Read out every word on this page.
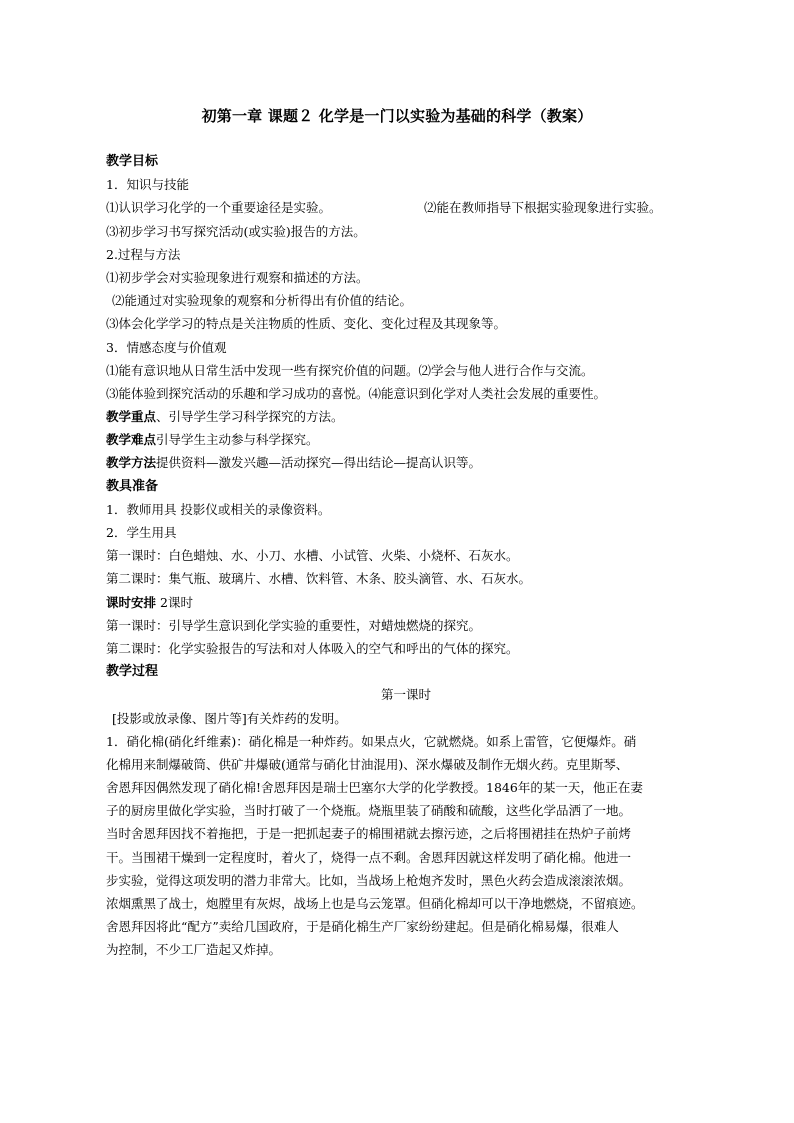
初第一章 课题２ 化学是一门以实验为基础的科学（教案）
教学目标
1．知识与技能
⑴认识学习化学的一个重要途径是实验。	⑵能在教师指导下根据实验现象进行实验。
⑶初步学习书写探究活动(或实验)报告的方法。
2.过程与方法
⑴初步学会对实验现象进行观察和描述的方法。
⑵能通过对实验现象的观察和分析得出有价值的结论。
⑶体会化学学习的特点是关注物质的性质、变化、变化过程及其现象等。
3．情感态度与价值观
⑴能有意识地从日常生活中发现一些有探究价值的问题。⑵学会与他人进行合作与交流。
⑶能体验到探究活动的乐趣和学习成功的喜悦。⑷能意识到化学对人类社会发展的重要性。
教学重点、引导学生学习科学探究的方法。
教学难点引导学生主动参与科学探究。
教学方法提供资料—激发兴趣—活动探究—得出结论—提高认识等。
教具准备
1．教师用具 投影仪或相关的录像资料。
2．学生用具
第一课时：白色蜡烛、水、小刀、水槽、小试管、火柴、小烧杯、石灰水。
第二课时：集气瓶、玻璃片、水槽、饮料管、木条、胶头滴管、水、石灰水。
课时安排 2课时
第一课时：引导学生意识到化学实验的重要性，对蜡烛燃烧的探究。
第二课时：化学实验报告的写法和对人体吸入的空气和呼出的气体的探究。
教学过程
第一课时
[投影或放录像、图片等]有关炸药的发明。
1．硝化棉(硝化纤维素)：硝化棉是一种炸药。如果点火，它就燃烧。如系上雷管，它便爆炸。硝
化棉用来制爆破筒、供矿井爆破(通常与硝化甘油混用)、深水爆破及制作无烟火药。克里斯琴、
舍恩拜因偶然发现了硝化棉!舍恩拜因是瑞士巴塞尔大学的化学教授。1846年的某一天，他正在妻
子的厨房里做化学实验，当时打破了一个烧瓶。烧瓶里装了硝酸和硫酸，这些化学品洒了一地。
当时舍恩拜因找不着拖把，于是一把抓起妻子的棉围裙就去擦污迹，之后将围裙挂在热炉子前烤
干。当围裙干燥到一定程度时，着火了，烧得一点不剩。舍恩拜因就这样发明了硝化棉。他进一
步实验，觉得这项发明的潜力非常大。比如，当战场上枪炮齐发时，黑色火药会造成滚滚浓烟。
浓烟熏黑了战士，炮膛里有灰烬，战场上也是乌云笼罩。但硝化棉却可以干净地燃烧，不留痕迹。
舍恩拜因将此“配方”卖给几国政府，于是硝化棉生产厂家纷纷建起。但是硝化棉易爆，很难人
为控制，不少工厂造起又炸掉。
